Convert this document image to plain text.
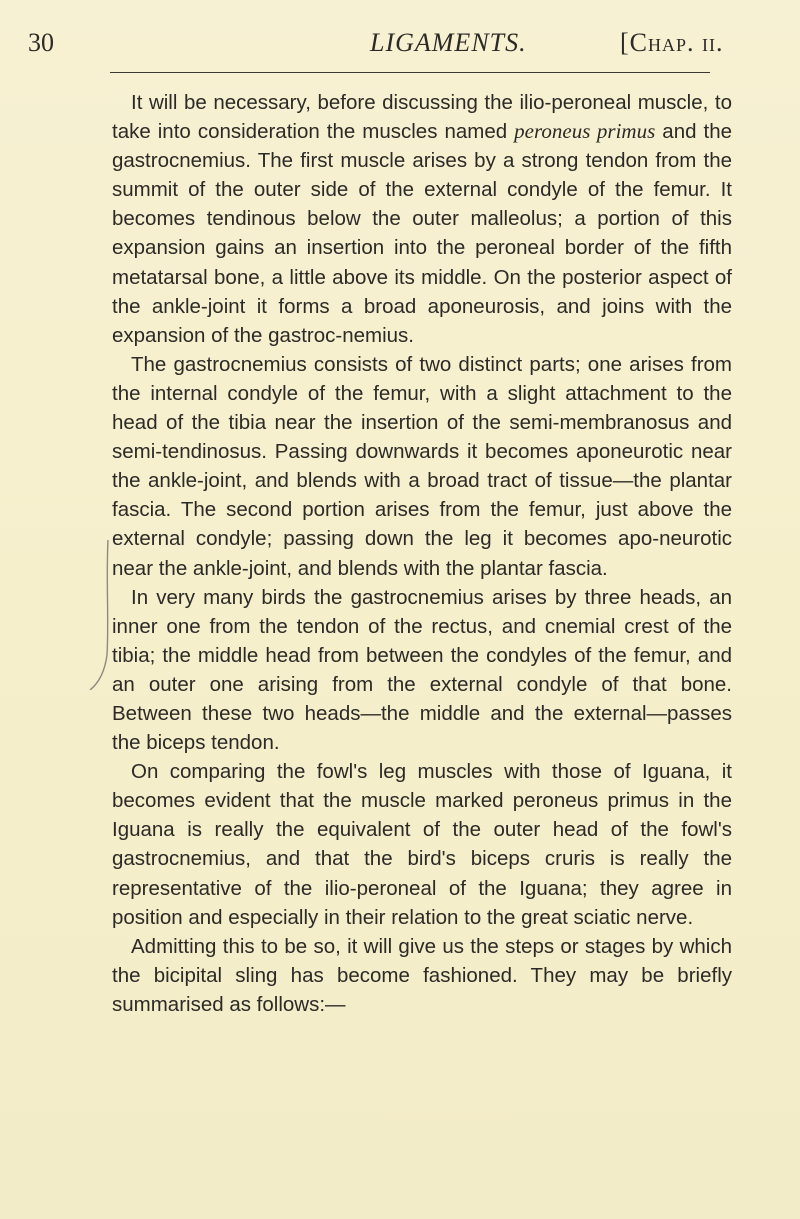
30	LIGAMENTS.	[Chap. ii.

It will be necessary, before discussing the ilio-peroneal muscle, to take into consideration the muscles named peroneus primus and the gastrocnemius. The first muscle arises by a strong tendon from the summit of the outer side of the external condyle of the femur. It becomes tendinous below the outer malleolus; a portion of this expansion gains an insertion into the peroneal border of the fifth metatarsal bone, a little above its middle. On the posterior aspect of the ankle-joint it forms a broad aponeurosis, and joins with the expansion of the gastroc-nemius.

The gastrocnemius consists of two distinct parts; one arises from the internal condyle of the femur, with a slight attachment to the head of the tibia near the insertion of the semi-membranosus and semi-tendinosus. Passing downwards it becomes aponeurotic near the ankle-joint, and blends with a broad tract of tissue—the plantar fascia. The second portion arises from the femur, just above the external condyle; passing down the leg it becomes apo-neurotic near the ankle-joint, and blends with the plantar fascia.

In very many birds the gastrocnemius arises by three heads, an inner one from the tendon of the rectus, and cnemial crest of the tibia; the middle head from between the condyles of the femur, and an outer one arising from the external condyle of that bone. Between these two heads—the middle and the external—passes the biceps tendon.

On comparing the fowl's leg muscles with those of Iguana, it becomes evident that the muscle marked peroneus primus in the Iguana is really the equivalent of the outer head of the fowl's gastrocnemius, and that the bird's biceps cruris is really the representative of the ilio-peroneal of the Iguana; they agree in position and especially in their relation to the great sciatic nerve.

Admitting this to be so, it will give us the steps or stages by which the bicipital sling has become fashioned. They may be briefly summarised as follows:—
